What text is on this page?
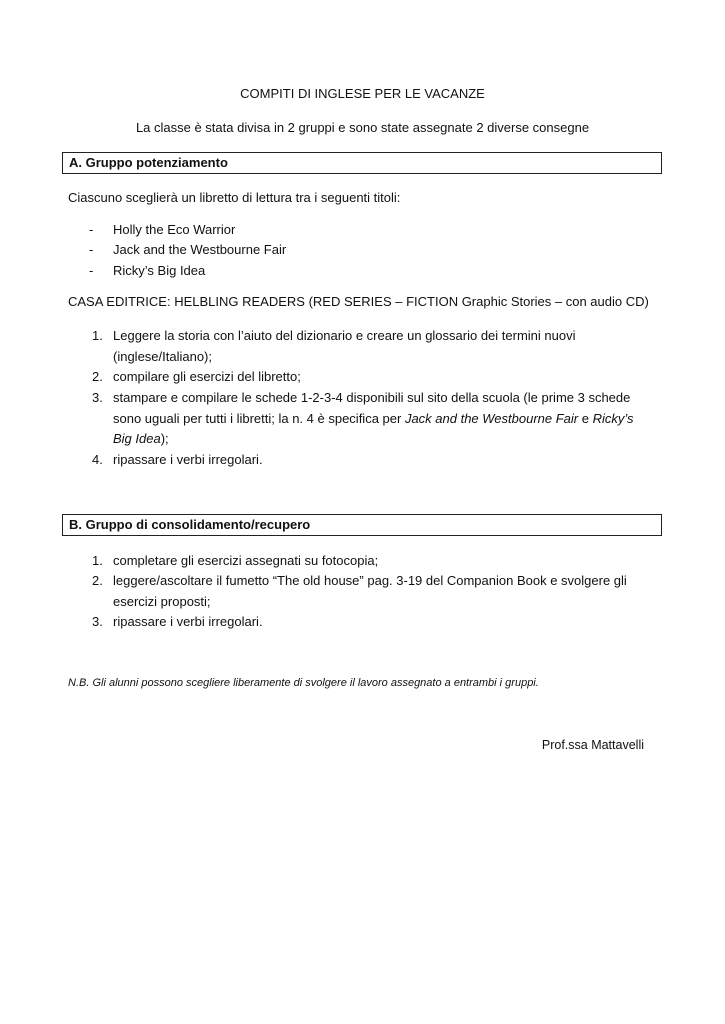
COMPITI DI INGLESE PER LE VACANZE

La classe è stata divisa in 2 gruppi e sono state assegnate 2 diverse consegne

A. Gruppo potenziamento

Ciascuno sceglierà un libretto di lettura tra i seguenti titoli:

- Holly the Eco Warrior
- Jack and the Westbourne Fair
- Ricky’s Big Idea

CASA EDITRICE: HELBLING READERS (RED SERIES – FICTION Graphic Stories – con audio CD)

1. Leggere la storia con l’aiuto del dizionario e creare un glossario dei termini nuovi (inglese/Italiano);

2. compilare gli esercizi del libretto;

3. stampare e compilare le schede 1-2-3-4 disponibili sul sito della scuola (le prime 3 schede sono uguali per tutti i libretti; la n. 4 è specifica per Jack and the Westbourne Fair e Ricky’s Big Idea);

4. ripassare i verbi irregolari.

B. Gruppo di consolidamento/recupero
1. completare gli esercizi assegnati su fotocopia;

2. leggere/ascoltare il fumetto “The old house” pag. 3-19 del Companion Book e svolgere gli esercizi proposti;

3. ripassare i verbi irregolari.

N.B. Gli alunni possono scegliere liberamente di svolgere il lavoro assegnato a entrambi i gruppi.

Prof.ssa Mattavelli
